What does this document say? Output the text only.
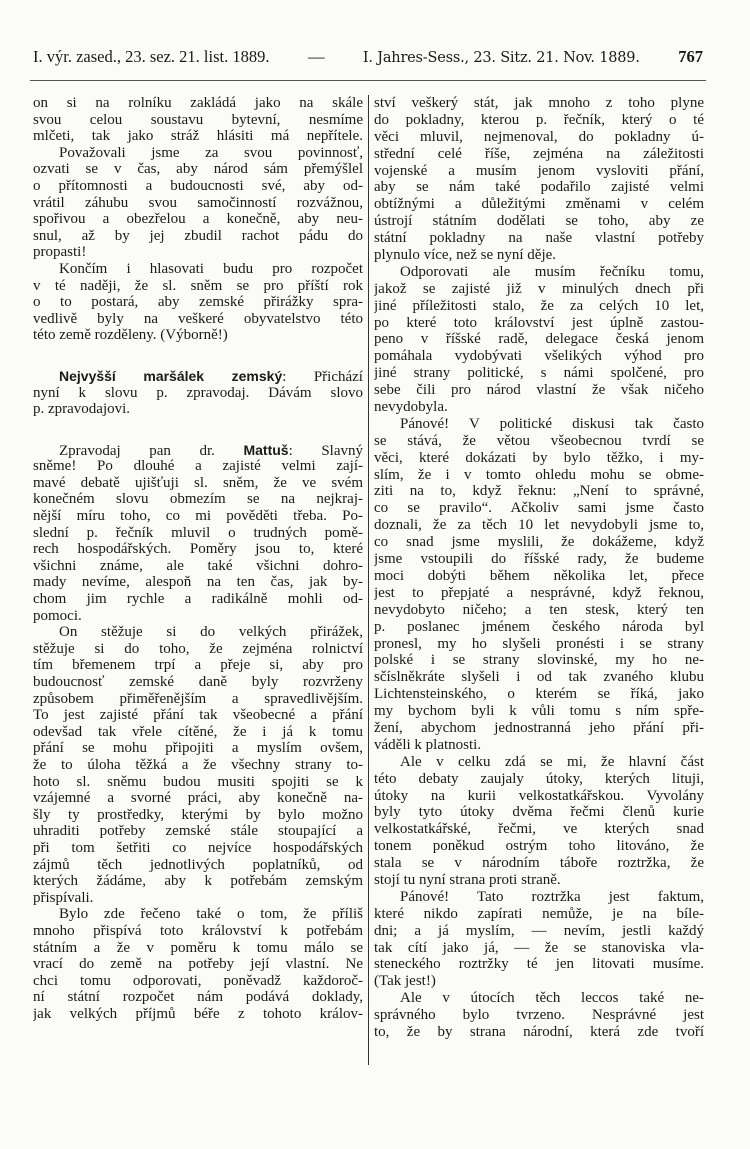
I. výr. zased., 23. sez. 21. list. 1889. —	I. Jahres-Sess., 23. Sitz. 21. Nov. 1889. 767
on si na rolníku zakládá jako na skále
svou celou soustavu bytevní, nesmíme
mlčeti, tak jako stráž hlásiti má nepřítele.
Považovali jsme za svou povinnosť,
ozvati se v čas, aby národ sám přemýšlel
o přítomnosti a budoucnosti své, aby od-
vrátil záhubu svou samočinností rozvážnou,
spořivou a obezřelou a konečně, aby neu-
snul, až by jej zbudil rachot pádu do
propasti!
Končím i hlasovati budu pro rozpočet
v té naději, že sl. sněm se pro příští rok
o to postará, aby zemské přirážky spra-
vedlivě byly na veškeré obyvatelstvo této
této země rozděleny. (Výborně!)
Nejvyšší maršálek zemský: Přichází
nyní k slovu p. zpravodaj. Dávám slovo
p. zpravodajovi.
Zpravodaj pan dr. Mattuš: Slavný
sněme! Po dlouhé a zajisté velmi zají-
mavé debatě ujišťuji sl. sněm, že ve svém
konečném slovu obmezím se na nejkraj-
nější míru toho, co mi pověděti třeba. Po-
slední p. řečník mluvil o trudných pomě-
rech hospodářských. Poměry jsou to, které
všichni známe, ale také všichni dohro-
mady nevíme, alespoň na ten čas, jak by-
chom jim rychle a radikálně mohli od-
pomoci.
On stěžuje si do velkých přirážek,
stěžuje si do toho, že zejména rolnictví
tím břemenem trpí a přeje si, aby pro
budoucnosť zemské daně byly rozvrženy
způsobem přiměřenějším a spravedlivějším.
To jest zajisté přání tak všeobecné a přání
odevšad tak vřele cítěné, že i já k tomu
přání se mohu připojiti a myslím ovšem,
že to úloha těžká a že všechny strany to-
hoto sl. sněmu budou musiti spojiti se k
vzájemné a svorné práci, aby konečně na-
šly ty prostředky, kterými by bylo možno
uhraditi potřeby zemské stále stoupající a
při tom šetřiti co nejvíce hospodářských
zájmů těch jednotlivých poplatníků, od
kterých žádáme, aby k potřebám zemským
přispívali.
Bylo zde řečeno také o tom, že příliš
mnoho přispívá toto království k potřebám
státním a že v poměru k tomu málo se
vrací do země na potřeby její vlastní. Ne
chci tomu odporovati, poněvadž každoroč-
ní státní rozpočet nám podává doklady,
jak velkých příjmů béře z tohoto králov-
ství veškerý stát, jak mnoho z toho plyne
do pokladny, kterou p. řečník, který o té
věci mluvil, nejmenoval, do pokladny ú-
střední celé říše, zejména na záležitosti
vojenské a musím jenom vysloviti přání,
aby se nám také podařilo zajisté velmi
obtížnými a důležitými změnami v celém
ústrojí státním dodělati se toho, aby ze
státní pokladny na naše vlastní potřeby
plynulo více, než se nyní děje.
Odporovati ale musím řečníku tomu,
jakož se zajisté již v minulých dnech při
jiné příležitosti stalo, že za celých 10 let,
po které toto království jest úplně zastou-
peno v říšské radě, delegace česká jenom
pomáhala vydobývati všelikých výhod pro
jiné strany politické, s námi spolčené, pro
sebe čili pro národ vlastní že však ničeho
nevydobyla.
Pánové! V politické diskusi tak často
se stává, že větou všeobecnou tvrdí se
věci, které dokázati by bylo těžko, i my-
slím, že i v tomto ohledu mohu se obme-
ziti na to, když řeknu: „Není to správné,
co se pravilo“. Ačkoliv sami jsme často
doznali, že za těch 10 let nevydobyli jsme to,
co snad jsme myslili, že dokážeme, když
jsme vstoupili do říšské rady, že budeme
moci dobýti během několika let, přece
jest to přepjaté a nesprávné, když řeknou,
nevydobyto ničeho; a ten stesk, který ten
p. poslanec jménem českého národa byl
pronesl, my ho slyšeli pronésti i se strany
polské i se strany slovinské, my ho ne-
sčíslněkráte slyšeli i od tak zvaného klubu
Lichtensteinského, o kterém se říká, jako
my bychom byli k vůli tomu s ním spře-
žení, abychom jednostranná jeho přání při-
váděli k platnosti.
Ale v celku zdá se mi, že hlavní část
této debaty zaujaly útoky, kterých lituji,
útoky na kurii velkostatkářskou. Vyvolány
byly tyto útoky dvěma řečmi členů kurie
velkostatkářské, řečmi, ve kterých snad
tonem poněkud ostrým toho litováno, že
stala se v národním táboře roztržka, že
stojí tu nyní strana proti straně.
Pánové! Tato roztržka jest faktum,
které nikdo zapírati nemůže, je na bíle-
dni; a já myslím, — nevím, jestli každý
tak cítí jako já, — že se stanoviska vla-
steneckého roztržky té jen litovati musíme.
(Tak jest!)
Ale v útocích těch leccos také ne-
správného bylo tvrzeno. Nesprávné jest
to, že by strana národní, která zde tvoří
